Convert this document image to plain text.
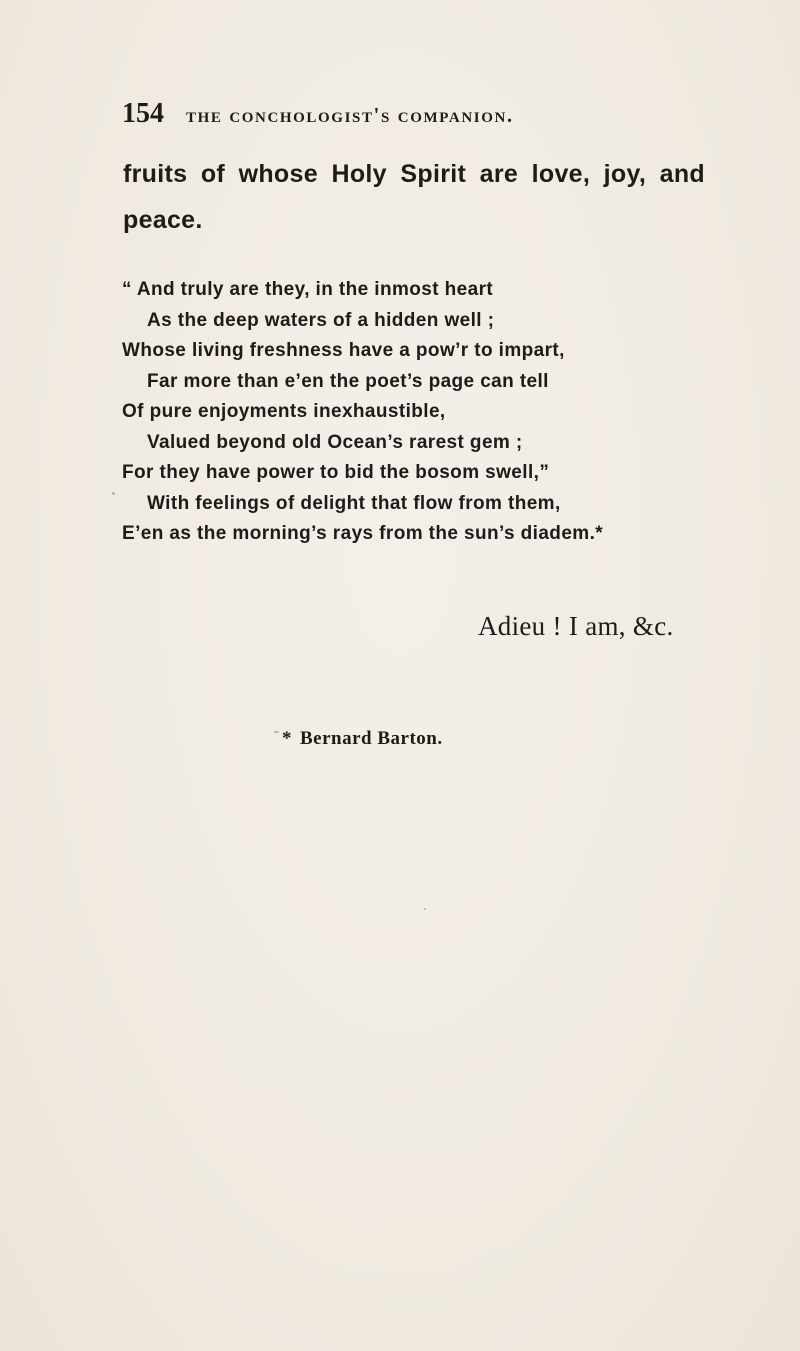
154 the conchologist's companion.
fruits of whose Holy Spirit are love, joy, and
peace.
“ And truly are they, in the inmost heart
As the deep waters of a hidden well ;
Whose living freshness have a pow’r to impart,
Far more than e’en the poet’s page can tell
Of pure enjoyments inexhaustible,
Valued beyond old Ocean’s rarest gem ;
For they have power to bid the bosom swell,”
With feelings of delight that flow from them,
E’en as the morning’s rays from the sun’s diadem.*
Adieu ! I am, &c.
* Bernard Barton.
